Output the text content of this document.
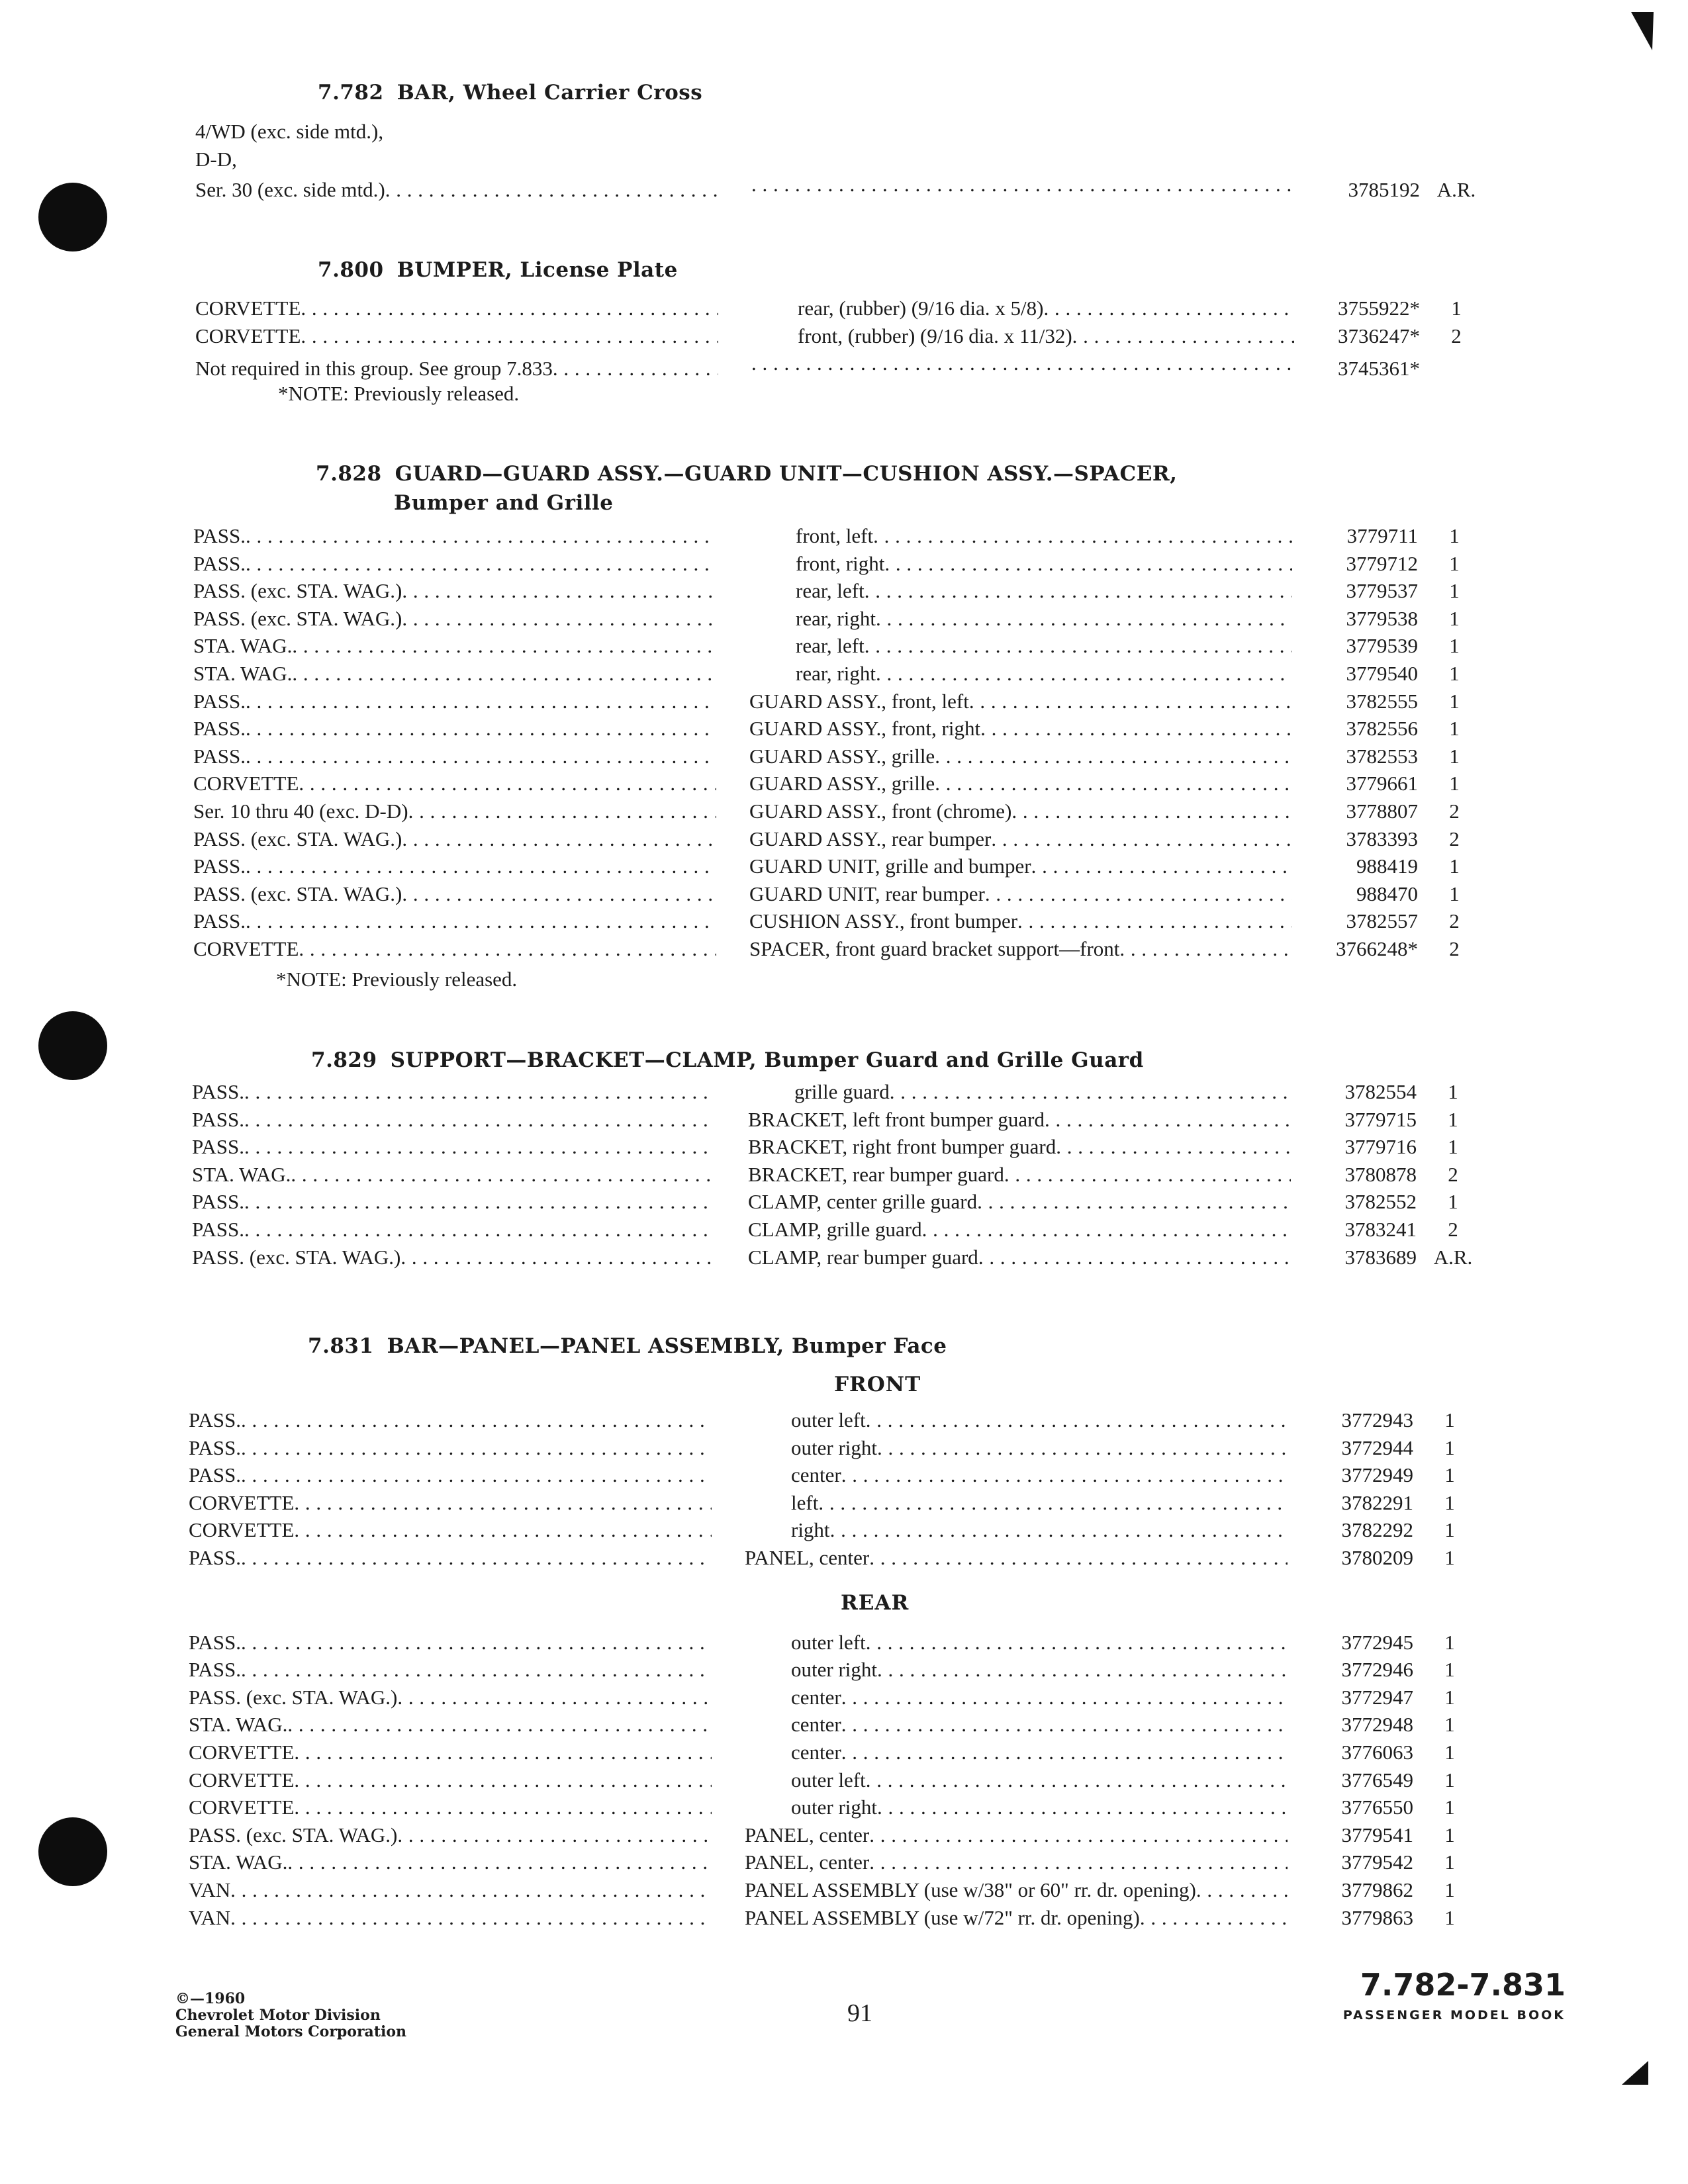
7.782 BAR, Wheel Carrier Cross
4/WD (exc. side mtd.),
D-D,
Ser. 30 (exc. side mtd.) . . . . . .	3785192 A.R.
7.800 BUMPER, License Plate
CORVETTE . . .	rear, (rubber) (9/16 dia. x 5/8) . . .	3755922*	1
CORVETTE . . .	front, (rubber) (9/16 dia. x 11/32) . . .	3736247*	2
Not required in this group. See group 7.833 . . . . . .	3745361*
*NOTE: Previously released.
7.828 GUARD—GUARD ASSY.—GUARD UNIT—CUSHION ASSY.—SPACER,
Bumper and Grille
PASS. . . .	front, left . . .	3779711	1
PASS. . . .	front, right . . .	3779712	1
PASS. (exc. STA. WAG.) . . .	rear, left . . .	3779537	1
PASS. (exc. STA. WAG.) . . .	rear, right . . .	3779538	1
STA. WAG. . . .	rear, left . . .	3779539	1
STA. WAG. . . .	rear, right . . .	3779540	1
PASS. . . .	GUARD ASSY., front, left . . .	3782555	1
PASS. . . .	GUARD ASSY., front, right . . .	3782556	1
PASS. . . .	GUARD ASSY., grille . . .	3782553	1
CORVETTE . . .	GUARD ASSY., grille . . .	3779661	1
Ser. 10 thru 40 (exc. D-D) . . .	GUARD ASSY., front (chrome) . . .	3778807	2
PASS. (exc. STA. WAG.) . . .	GUARD ASSY., rear bumper . . .	3783393	2
PASS. . . .	GUARD UNIT, grille and bumper . . .	988419	1
PASS. (exc. STA. WAG.) . . .	GUARD UNIT, rear bumper . . .	988470	1
PASS. . . .	CUSHION ASSY., front bumper . . .	3782557	2
CORVETTE . . .	SPACER, front guard bracket support—front . . .	3766248*	2
*NOTE: Previously released.
7.829 SUPPORT—BRACKET—CLAMP, Bumper Guard and Grille Guard
PASS. . . .	grille guard . . .	3782554	1
PASS. . . .	BRACKET, left front bumper guard . . .	3779715	1
PASS. . . .	BRACKET, right front bumper guard . . .	3779716	1
STA. WAG. . . .	BRACKET, rear bumper guard . . .	3780878	2
PASS. . . .	CLAMP, center grille guard . . .	3782552	1
PASS. . . .	CLAMP, grille guard . . .	3783241	2
PASS. (exc. STA. WAG.) . . .	CLAMP, rear bumper guard . . .	3783689 A.R.
7.831 BAR—PANEL—PANEL ASSEMBLY, Bumper Face
FRONT
PASS. . . .	outer left . . .	3772943	1
PASS. . . .	outer right . . .	3772944	1
PASS. . . .	center . . .	3772949	1
CORVETTE . . .	left . . .	3782291	1
CORVETTE . . .	right . . .	3782292	1
PASS. . . .	PANEL, center . . .	3780209	1
REAR
PASS. . . .	outer left . . .	3772945	1
PASS. . . .	outer right . . .	3772946	1
PASS. (exc. STA. WAG.) . . .	center . . .	3772947	1
STA. WAG. . . .	center . . .	3772948	1
CORVETTE . . .	center . . .	3776063	1
CORVETTE . . .	outer left . . .	3776549	1
CORVETTE . . .	outer right . . .	3776550	1
PASS. (exc. STA. WAG.) . . .	PANEL, center . . .	3779541	1
STA. WAG. . . .	PANEL, center . . .	3779542	1
VAN . . .	PANEL ASSEMBLY (use w/38" or 60" rr. dr. opening) . . .	3779862	1
VAN . . .	PANEL ASSEMBLY (use w/72" rr. dr. opening) . . .	3779863	1
©—1960
Chevrolet Motor Division
General Motors Corporation
91
7.782-7.831
PASSENGER MODEL BOOK
